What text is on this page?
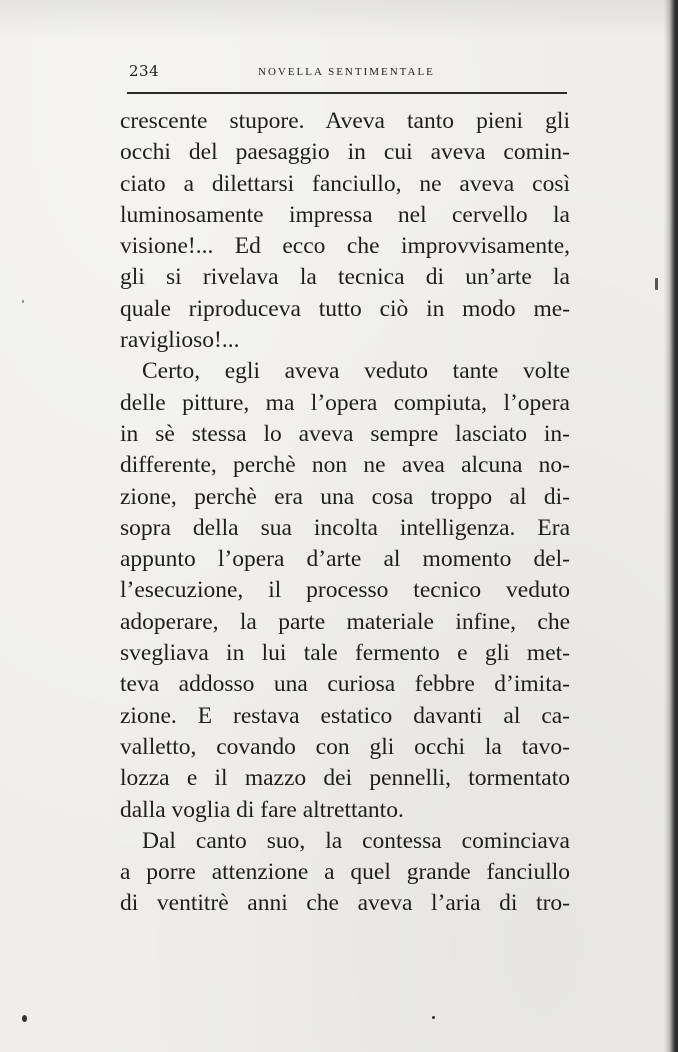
234	NOVELLA SENTIMENTALE
crescente stupore. Aveva tanto pieni gli
occhi del paesaggio in cui aveva comin-
ciato a dilettarsi fanciullo, ne aveva così
luminosamente impressa nel cervello la
visione!... Ed ecco che improvvisamente,
gli si rivelava la tecnica di un’arte la
quale riproduceva tutto ciò in modo me-
raviglioso!...
Certo, egli aveva veduto tante volte
delle pitture, ma l’opera compiuta, l’opera
in sè stessa lo aveva sempre lasciato in-
differente, perchè non ne avea alcuna no-
zione, perchè era una cosa troppo al di-
sopra della sua incolta intelligenza. Era
appunto l’opera d’arte al momento del-
l’esecuzione, il processo tecnico veduto
adoperare, la parte materiale infine, che
svegliava in lui tale fermento e gli met-
teva addosso una curiosa febbre d’imita-
zione. E restava estatico davanti al ca-
valletto, covando con gli occhi la tavo-
lozza e il mazzo dei pennelli, tormentato
dalla voglia di fare altrettanto.
Dal canto suo, la contessa cominciava
a porre attenzione a quel grande fanciullo
di ventitrè anni che aveva l’aria di tro-
